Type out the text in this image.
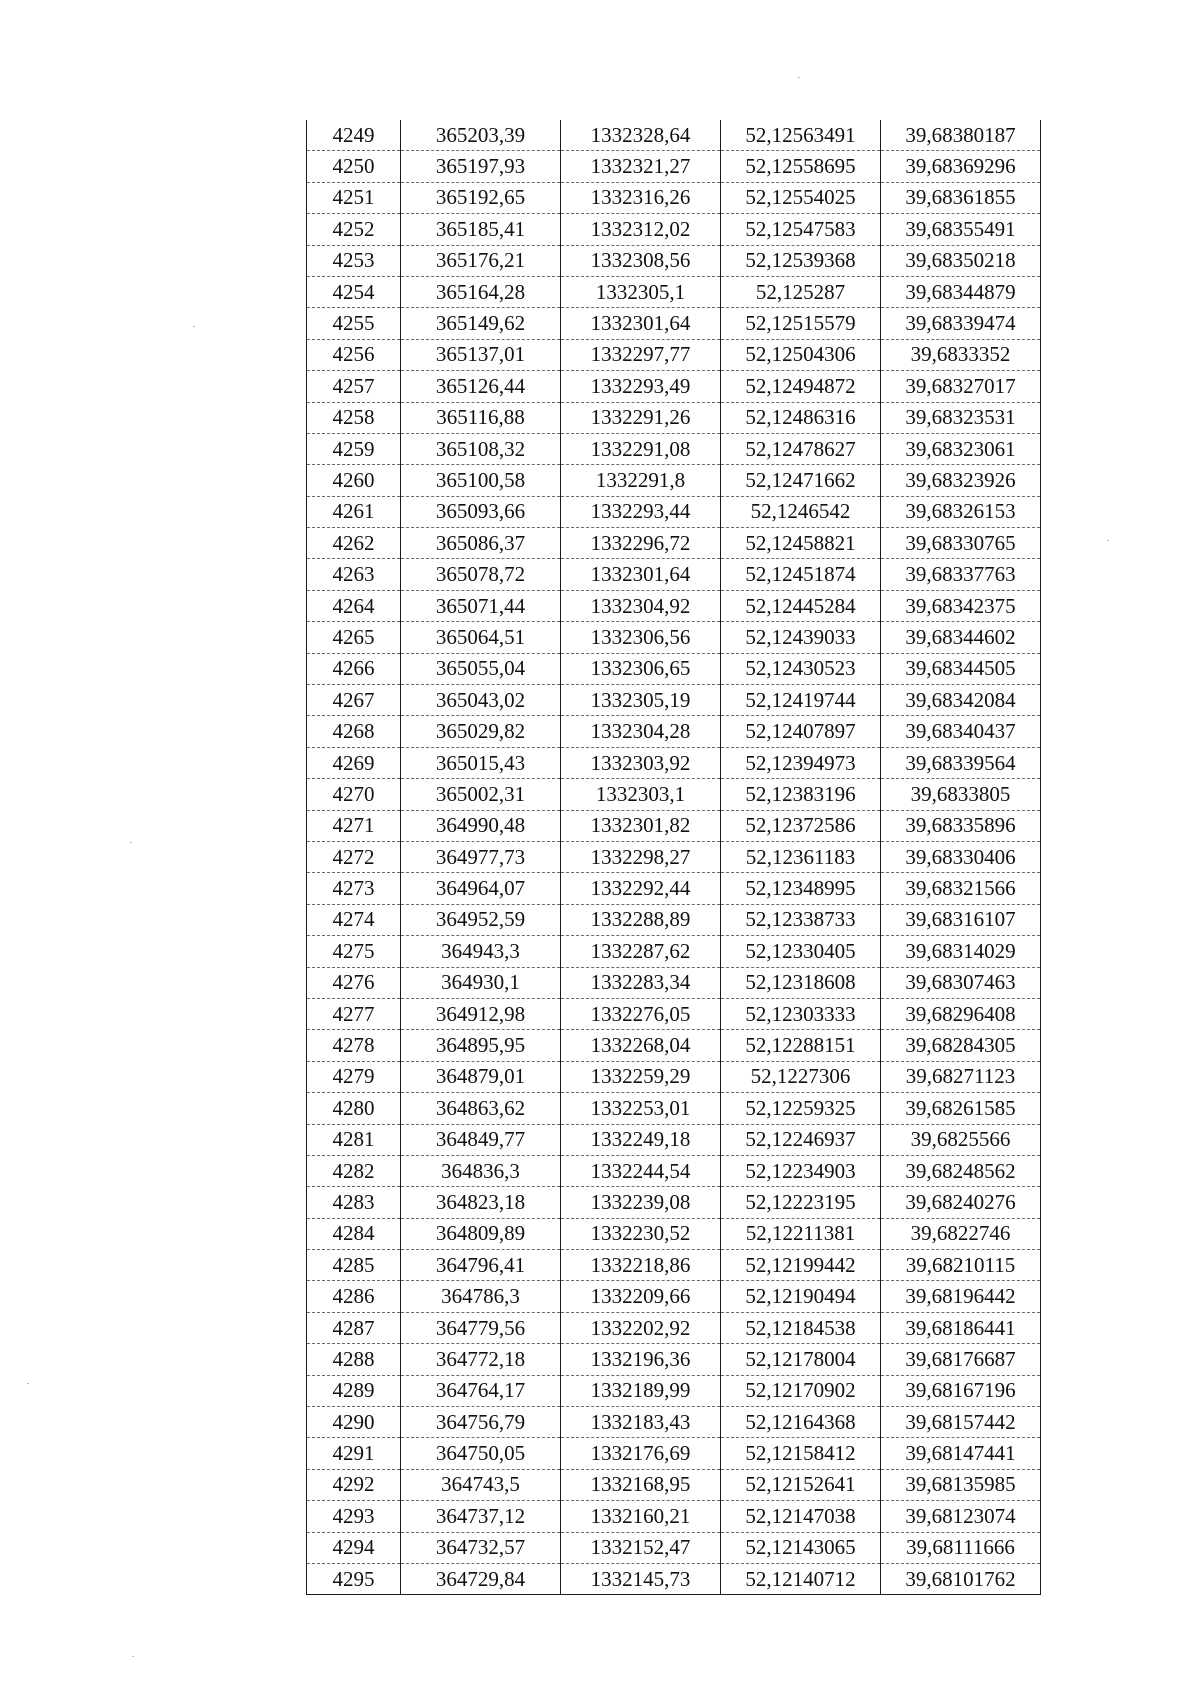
4249	365203,39	1332328,64	52,12563491	39,68380187
4250	365197,93	1332321,27	52,12558695	39,68369296
4251	365192,65	1332316,26	52,12554025	39,68361855
4252	365185,41	1332312,02	52,12547583	39,68355491
4253	365176,21	1332308,56	52,12539368	39,68350218
4254	365164,28	1332305,1	52,125287	39,68344879
4255	365149,62	1332301,64	52,12515579	39,68339474
4256	365137,01	1332297,77	52,12504306	39,6833352
4257	365126,44	1332293,49	52,12494872	39,68327017
4258	365116,88	1332291,26	52,12486316	39,68323531
4259	365108,32	1332291,08	52,12478627	39,68323061
4260	365100,58	1332291,8	52,12471662	39,68323926
4261	365093,66	1332293,44	52,1246542	39,68326153
4262	365086,37	1332296,72	52,12458821	39,68330765
4263	365078,72	1332301,64	52,12451874	39,68337763
4264	365071,44	1332304,92	52,12445284	39,68342375
4265	365064,51	1332306,56	52,12439033	39,68344602
4266	365055,04	1332306,65	52,12430523	39,68344505
4267	365043,02	1332305,19	52,12419744	39,68342084
4268	365029,82	1332304,28	52,12407897	39,68340437
4269	365015,43	1332303,92	52,12394973	39,68339564
4270	365002,31	1332303,1	52,12383196	39,6833805
4271	364990,48	1332301,82	52,12372586	39,68335896
4272	364977,73	1332298,27	52,12361183	39,68330406
4273	364964,07	1332292,44	52,12348995	39,68321566
4274	364952,59	1332288,89	52,12338733	39,68316107
4275	364943,3	1332287,62	52,12330405	39,68314029
4276	364930,1	1332283,34	52,12318608	39,68307463
4277	364912,98	1332276,05	52,12303333	39,68296408
4278	364895,95	1332268,04	52,12288151	39,68284305
4279	364879,01	1332259,29	52,1227306	39,68271123
4280	364863,62	1332253,01	52,12259325	39,68261585
4281	364849,77	1332249,18	52,12246937	39,6825566
4282	364836,3	1332244,54	52,12234903	39,68248562
4283	364823,18	1332239,08	52,12223195	39,68240276
4284	364809,89	1332230,52	52,12211381	39,6822746
4285	364796,41	1332218,86	52,12199442	39,68210115
4286	364786,3	1332209,66	52,12190494	39,68196442
4287	364779,56	1332202,92	52,12184538	39,68186441
4288	364772,18	1332196,36	52,12178004	39,68176687
4289	364764,17	1332189,99	52,12170902	39,68167196
4290	364756,79	1332183,43	52,12164368	39,68157442
4291	364750,05	1332176,69	52,12158412	39,68147441
4292	364743,5	1332168,95	52,12152641	39,68135985
4293	364737,12	1332160,21	52,12147038	39,68123074
4294	364732,57	1332152,47	52,12143065	39,68111666
4295	364729,84	1332145,73	52,12140712	39,68101762
